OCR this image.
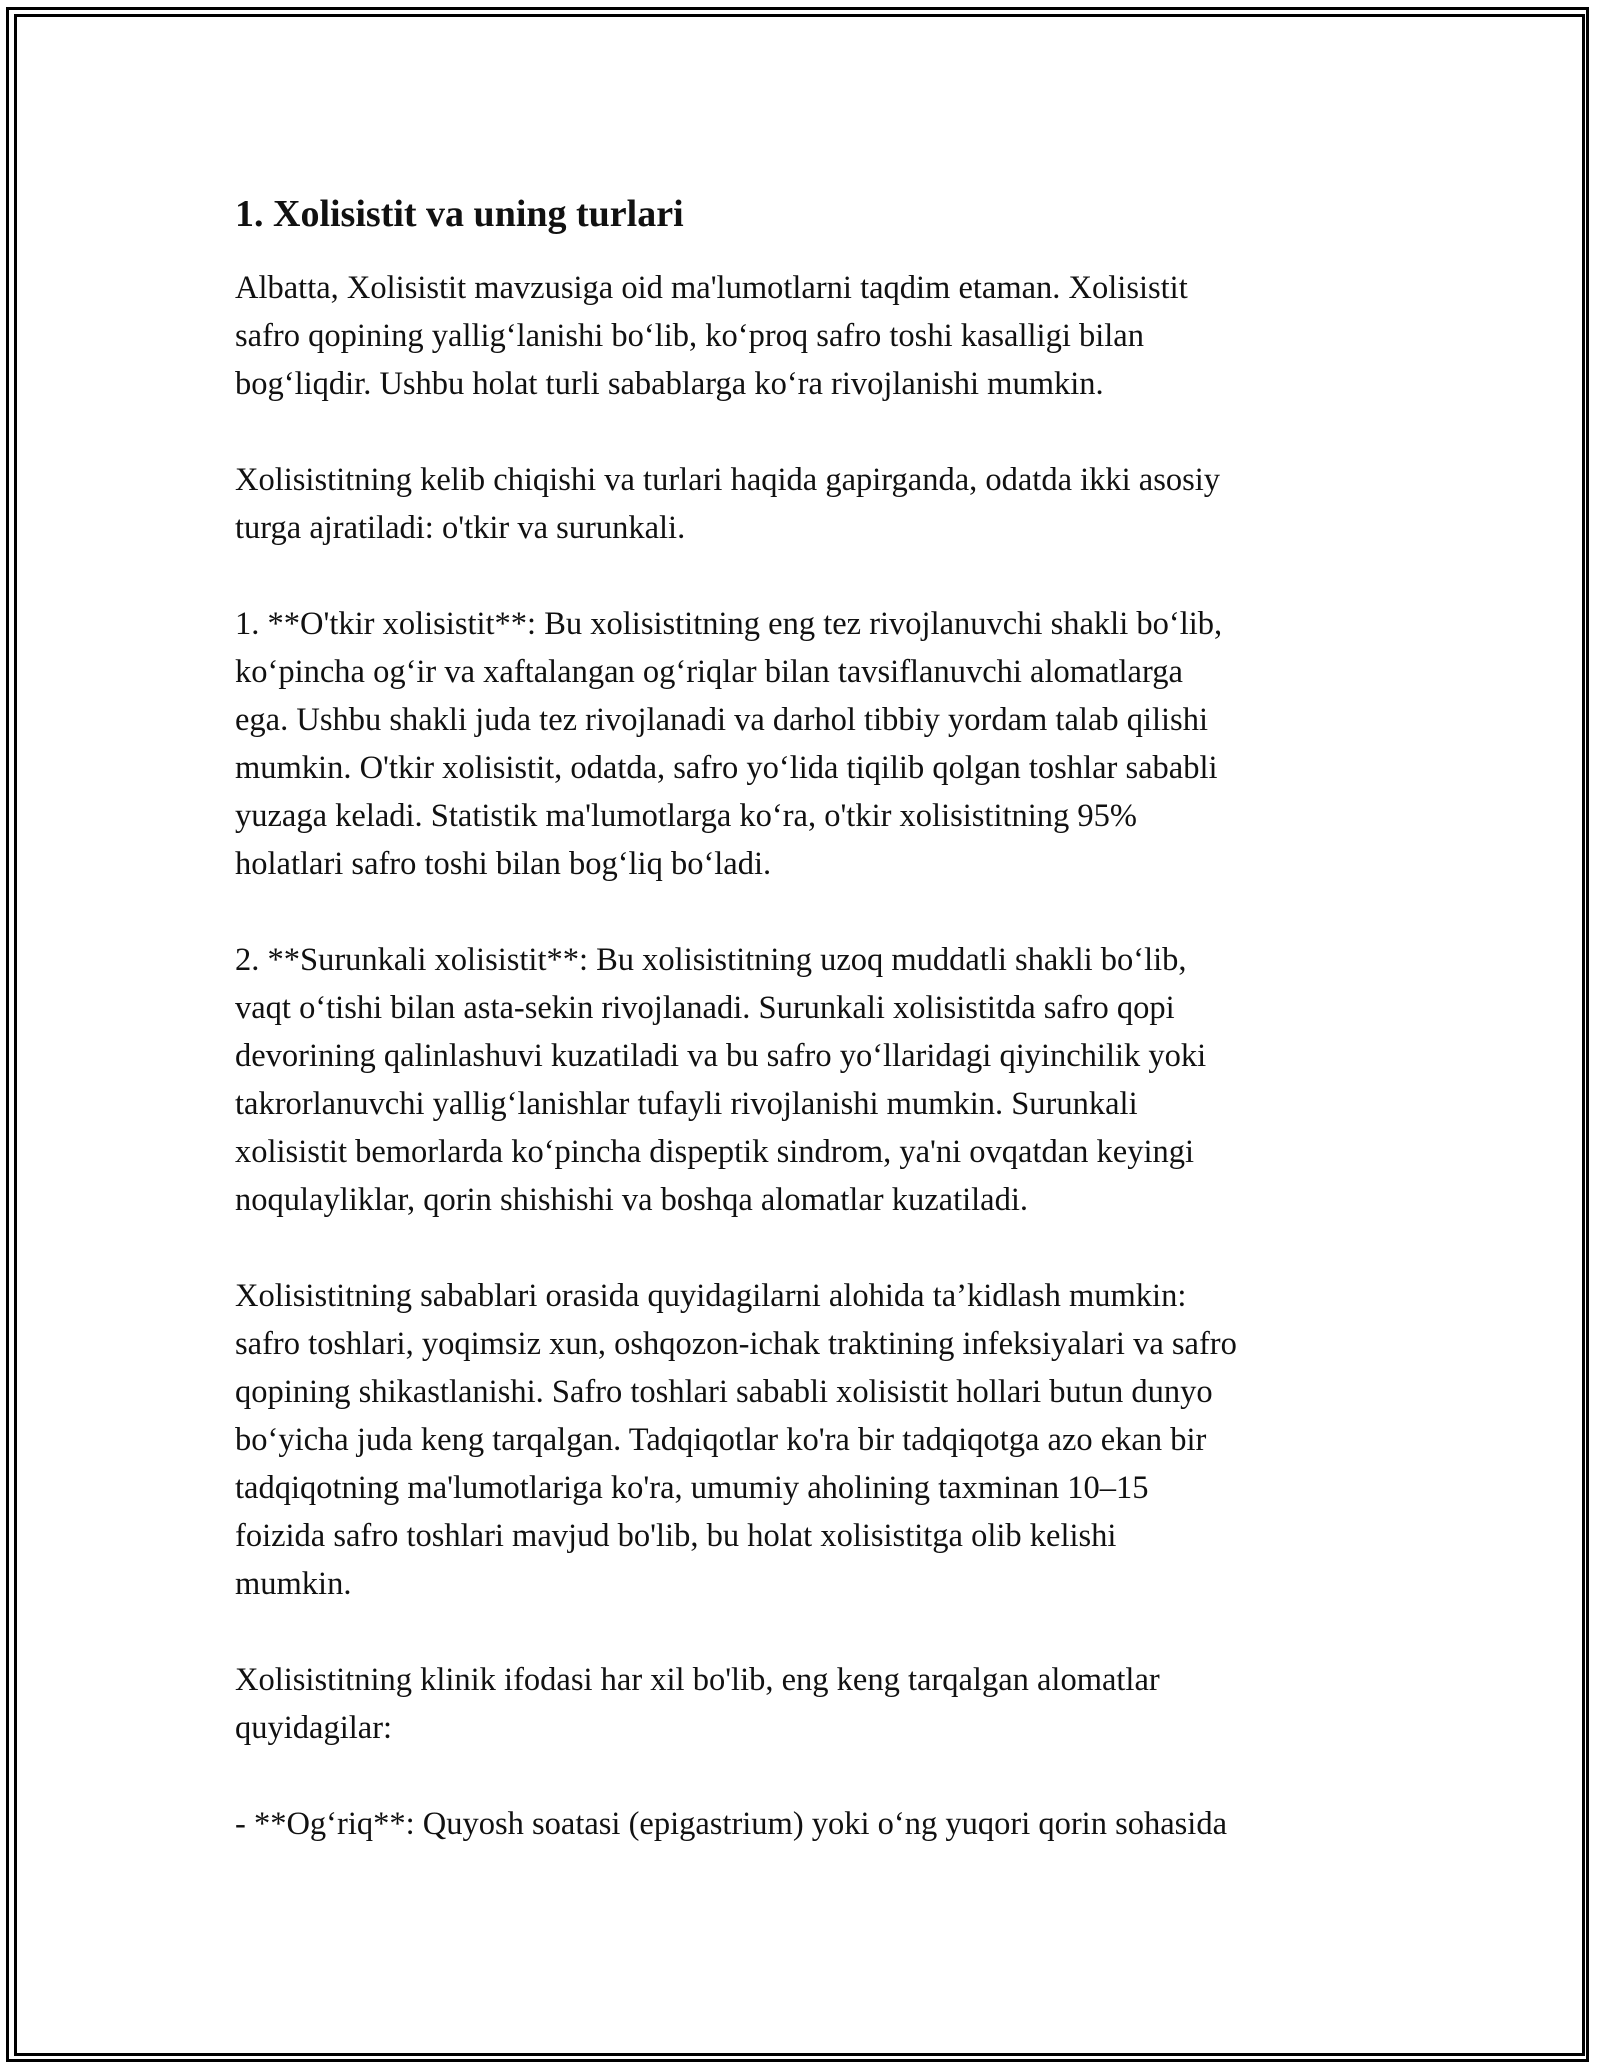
1. Xolisistit va uning turlari

Albatta, Xolisistit mavzusiga oid ma'lumotlarni taqdim etaman. Xolisistit
safro qopining yallig‘lanishi bo‘lib, ko‘proq safro toshi kasalligi bilan
bog‘liqdir. Ushbu holat turli sabablarga ko‘ra rivojlanishi mumkin.

Xolisistitning kelib chiqishi va turlari haqida gapirganda, odatda ikki asosiy
turga ajratiladi: o'tkir va surunkali.

1. **O'tkir xolisistit**: Bu xolisistitning eng tez rivojlanuvchi shakli bo‘lib,
ko‘pincha og‘ir va xaftalangan og‘riqlar bilan tavsiflanuvchi alomatlarga
ega. Ushbu shakli juda tez rivojlanadi va darhol tibbiy yordam talab qilishi
mumkin. O'tkir xolisistit, odatda, safro yo‘lida tiqilib qolgan toshlar sababli
yuzaga keladi. Statistik ma'lumotlarga ko‘ra, o'tkir xolisistitning 95%
holatlari safro toshi bilan bog‘liq bo‘ladi.

2. **Surunkali xolisistit**: Bu xolisistitning uzoq muddatli shakli bo‘lib,
vaqt o‘tishi bilan asta-sekin rivojlanadi. Surunkali xolisistitda safro qopi
devorining qalinlashuvi kuzatiladi va bu safro yo‘llaridagi qiyinchilik yoki
takrorlanuvchi yallig‘lanishlar tufayli rivojlanishi mumkin. Surunkali
xolisistit bemorlarda ko‘pincha dispeptik sindrom, ya'ni ovqatdan keyingi
noqulayliklar, qorin shishishi va boshqa alomatlar kuzatiladi.

Xolisistitning sabablari orasida quyidagilarni alohida ta’kidlash mumkin:
safro toshlari, yoqimsiz xun, oshqozon-ichak traktining infeksiyalari va safro
qopining shikastlanishi. Safro toshlari sababli xolisistit hollari butun dunyo
bo‘yicha juda keng tarqalgan. Tadqiqotlar ko'ra bir tadqiqotga azo ekan bir
tadqiqotning ma'lumotlariga ko'ra, umumiy aholining taxminan 10–15
foizida safro toshlari mavjud bo'lib, bu holat xolisistitga olib kelishi
mumkin.

Xolisistitning klinik ifodasi har xil bo'lib, eng keng tarqalgan alomatlar
quyidagilar:

- **Og‘riq**: Quyosh soatasi (epigastrium) yoki o‘ng yuqori qorin sohasida
